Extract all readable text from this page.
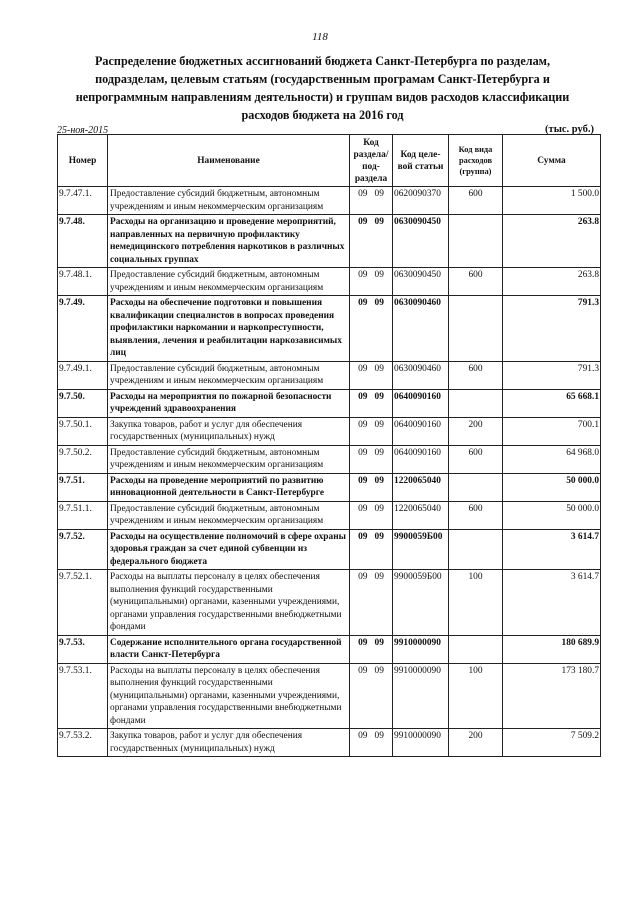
118
Распределение бюджетных ассигнований бюджета Санкт-Петербурга по разделам,
подразделам, целевым статьям (государственным програмам Санкт-Петербурга и
непрограммным направлениям деятельности) и группам видов расходов классификации
расходов бюджета на 2016 год
25-ноя-2015	(тыс. руб.)
Номер	Наименование	Код раздела/ под-раздела	Код целе-вой статьи	Код вида расходов (группа)	Сумма
9.7.47.1.	Предоставление субсидий бюджетным, автономным учреждениям и иным некоммерческим организациям	09 09	0620090370	600	1 500.0
9.7.48.	Расходы на организацию и проведение мероприятий, направленных на первичную профилактику немедицинского потребления наркотиков в различных социальных группах	09 09	0630090450		263.8
9.7.48.1.	Предоставление субсидий бюджетным, автономным учреждениям и иным некоммерческим организациям	09 09	0630090450	600	263.8
9.7.49.	Расходы на обеспечение подготовки и повышения квалификации специалистов в вопросах проведения профилактики наркомании и наркопреступности, выявления, лечения и реабилитации наркозависимых лиц	09 09	0630090460		791.3
9.7.49.1.	Предоставление субсидий бюджетным, автономным учреждениям и иным некоммерческим организациям	09 09	0630090460	600	791.3
9.7.50.	Расходы на мероприятия по пожарной безопасности учреждений здравоохранения	09 09	0640090160		65 668.1
9.7.50.1.	Закупка товаров, работ и услуг для обеспечения государственных (муниципальных) нужд	09 09	0640090160	200	700.1
9.7.50.2.	Предоставление субсидий бюджетным, автономным учреждениям и иным некоммерческим организациям	09 09	0640090160	600	64 968.0
9.7.51.	Расходы на проведение мероприятий по развитию инновационной деятельности в Санкт-Петербурге	09 09	1220065040		50 000.0
9.7.51.1.	Предоставление субсидий бюджетным, автономным учреждениям и иным некоммерческим организациям	09 09	1220065040	600	50 000.0
9.7.52.	Расходы на осуществление полномочий в сфере охраны здоровья граждан за счет единой субвенции из федерального бюджета	09 09	9900059Б00		3 614.7
9.7.52.1.	Расходы на выплаты персоналу в целях обеспечения выполнения функций государственными (муниципальными) органами, казенными учреждениями, органами управления государственными внебюджетными фондами	09 09	9900059Б00	100	3 614.7
9.7.53.	Содержание исполнительного органа государственной власти Санкт-Петербурга	09 09	9910000090		180 689.9
9.7.53.1.	Расходы на выплаты персоналу в целях обеспечения выполнения функций государственными (муниципальными) органами, казенными учреждениями, органами управления государственными внебюджетными фондами	09 09	9910000090	100	173 180.7
9.7.53.2.	Закупка товаров, работ и услуг для обеспечения государственных (муниципальных) нужд	09 09	9910000090	200	7 509.2
